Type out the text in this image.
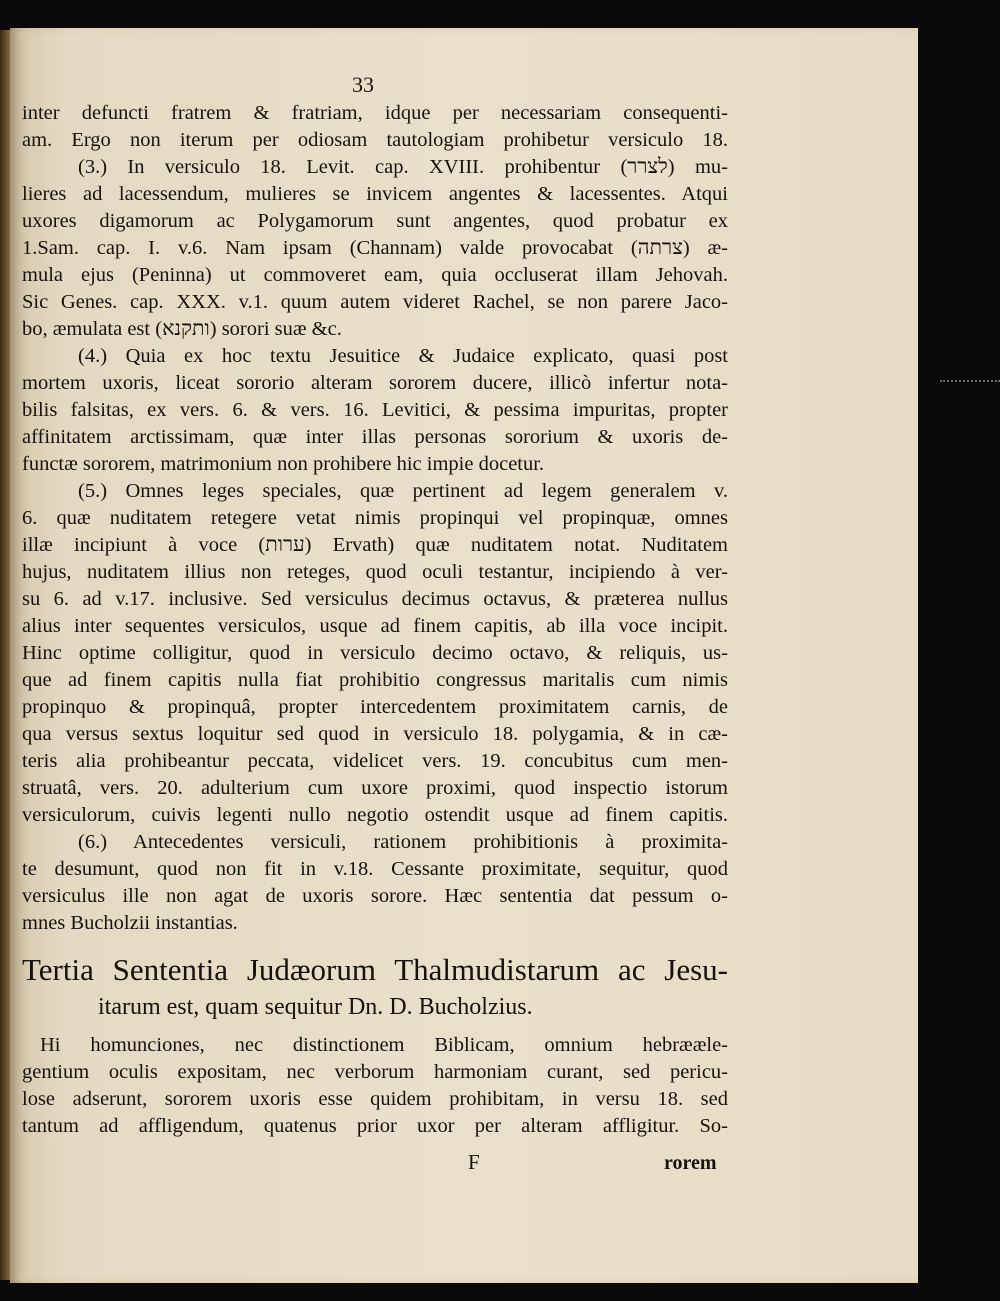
33
inter defuncti fratrem & fratriam, idque per necessariam consequenti-
am. Ergo non iterum per odiosam tautologiam prohibetur versiculo 18.
(3.) In versiculo 18. Levit. cap. XVIII. prohibentur (לצרר) mu-
lieres ad lacessendum, mulieres se invicem angentes & lacessentes. Atqui
uxores digamorum ac Polygamorum sunt angentes, quod probatur ex
1.Sam. cap. I. v.6. Nam ipsam (Channam) valde provocabat (צרתה) æ-
mula ejus (Peninna) ut commoveret eam, quia occluserat illam Jehovah.
Sic Genes. cap. XXX. v.1. quum autem videret Rachel, se non parere Jaco-
bo, æmulata est (ותקנא) sorori suæ &c.
(4.) Quia ex hoc textu Jesuitice & Judaice explicato, quasi post
mortem uxoris, liceat sororio alteram sororem ducere, illicò infertur nota-
bilis falsitas, ex vers. 6. & vers. 16. Levitici, & pessima impuritas, propter
affinitatem arctissimam, quæ inter illas personas sororium & uxoris de-
functæ sororem, matrimonium non prohibere hic impie docetur.
(5.) Omnes leges speciales, quæ pertinent ad legem generalem v.
6. quæ nuditatem retegere vetat nimis propinqui vel propinquæ, omnes
illæ incipiunt à voce (ערות) Ervath) quæ nuditatem notat. Nuditatem
hujus, nuditatem illius non reteges, quod oculi testantur, incipiendo à ver-
su 6. ad v.17. inclusive. Sed versiculus decimus octavus, & præterea nullus
alius inter sequentes versiculos, usque ad finem capitis, ab illa voce incipit.
Hinc optime colligitur, quod in versiculo decimo octavo, & reliquis, us-
que ad finem capitis nulla fiat prohibitio congressus maritalis cum nimis
propinquo & propinquâ, propter intercedentem proximitatem carnis, de
qua versus sextus loquitur sed quod in versiculo 18. polygamia, & in cæ-
teris alia prohibeantur peccata, videlicet vers. 19. concubitus cum men-
struatâ, vers. 20. adulterium cum uxore proximi, quod inspectio istorum
versiculorum, cuivis legenti nullo negotio ostendit usque ad finem capitis.
(6.) Antecedentes versiculi, rationem prohibitionis à proximita-
te desumunt, quod non fit in v.18. Cessante proximitate, sequitur, quod
versiculus ille non agat de uxoris sorore. Hæc sententia dat pessum o-
mnes Bucholzii instantias.
Tertia Sententia Judæorum Thalmudistarum ac Jesu-
itarum est, quam sequitur Dn. D. Bucholzius.
Hi homunciones, nec distinctionem Biblicam, omnium hebrææle-
gentium oculis expositam, nec verborum harmoniam curant, sed pericu-
lose adserunt, sororem uxoris esse quidem prohibitam, in versu 18. sed
tantum ad affligendum, quatenus prior uxor per alteram affligitur. So-
F	rorem
